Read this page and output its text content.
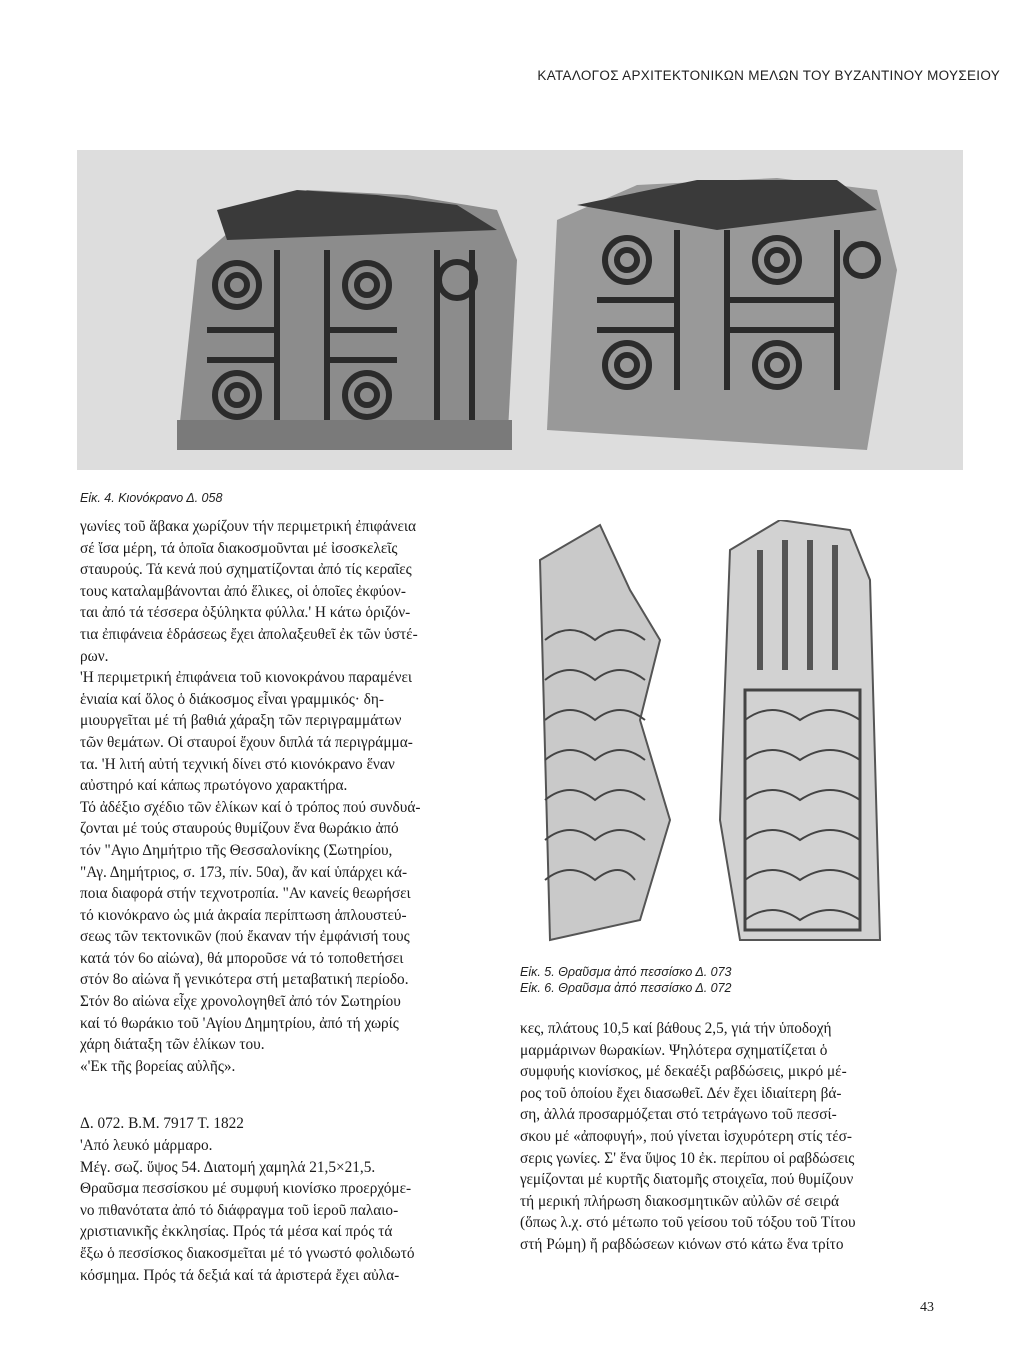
ΚΑΤΑΛΟΓΟΣ ΑΡΧΙΤΕΚΤΟΝΙΚΩΝ ΜΕΛΩΝ ΤΟΥ ΒΥΖΑΝΤΙΝΟΥ ΜΟΥΣΕΙΟΥ
Εἰκ. 4. Κιονόκρανο Δ. 058
Εἰκ. 5. Θραῦσμα ἀπό πεσσίσκο Δ. 073
Εἰκ. 6. Θραῦσμα ἀπό πεσσίσκο Δ. 072

γωνίες τοῦ ἄβακα χωρίζουν τήν περιμετρική ἐπιφάνεια

σέ ἴσα μέρη, τά ὁποῖα διακοσμοῦνται μέ ἰσοσκελεῖς

σταυρούς. Τά κενά πού σχηματίζονται ἀπό τίς κεραῖες

τους καταλαμβάνονται ἀπό ἕλικες, οἱ ὁποῖες ἐκφύον-

ται ἀπό τά τέσσερα ὀξύληκτα φύλλα.' Η κάτω ὁριζόν-

τια ἐπιφάνεια ἑδράσεως ἔχει ἀπολαξευθεῖ ἐκ τῶν ὑστέ-

ρων.

'Η περιμετρική ἐπιφάνεια τοῦ κιονοκράνου παραμένει

ἑνιαία καί ὅλος ὁ διάκοσμος εἶναι γραμμικός· δη-

μιουργεῖται μέ τή βαθιά χάραξη τῶν περιγραμμάτων

τῶν θεμάτων. Οἱ σταυροί ἔχουν διπλά τά περιγράμμα-

τα. 'Η λιτή αὐτή τεχνική δίνει στό κιονόκρανο ἕναν

αὐστηρό καί κάπως πρωτόγονο χαρακτήρα.

Τό ἀδέξιο σχέδιο τῶν ἑλίκων καί ὁ τρόπος πού συνδυά-

ζονται μέ τούς σταυρούς θυμίζουν ἕνα θωράκιο ἀπό

τόν "Αγιο Δημήτριο τῆς Θεσσαλονίκης (Σωτηρίου,

"Αγ. Δημήτριος, σ. 173, πίν. 50α), ἄν καί ὑπάρχει κά-

ποια διαφορά στήν τεχνοτροπία. "Αν κανείς θεωρήσει

τό κιονόκρανο ὡς μιά ἀκραία περίπτωση ἁπλουστεύ-

σεως τῶν τεκτονικῶν (πού ἔκαναν τήν ἐμφάνισή τους

κατά τόν 6ο αἰώνα), θά μποροῦσε νά τό τοποθετήσει

στόν 8ο αἰώνα ἤ γενικότερα στή μεταβατική περίοδο.

Στόν 8ο αἰώνα εἶχε χρονολογηθεῖ ἀπό τόν Σωτηρίου

καί τό θωράκιο τοῦ 'Αγίου Δημητρίου, ἀπό τή χωρίς

χάρη διάταξη τῶν ἑλίκων του.

«'Εκ τῆς βορείας αὐλῆς».

Δ. 072. Β.Μ. 7917 Τ. 1822

'Από λευκό μάρμαρο.

Μέγ. σωζ. ὕψος 54. Διατομή χαμηλά 21,5×21,5.

Θραῦσμα πεσσίσκου μέ συμφυή κιονίσκο προερχόμε-

νο πιθανότατα ἀπό τό διάφραγμα τοῦ ἱεροῦ παλαιο-

χριστιανικῆς ἐκκλησίας. Πρός τά μέσα καί πρός τά

ἔξω ὁ πεσσίσκος διακοσμεῖται μέ τό γνωστό φολιδωτό

κόσμημα. Πρός τά δεξιά καί τά ἀριστερά ἔχει αὐλα-

κες, πλάτους 10,5 καί βάθους 2,5, γιά τήν ὑποδοχή

μαρμάρινων θωρακίων. Ψηλότερα σχηματίζεται ὁ

συμφυής κιονίσκος, μέ δεκαέξι ραβδώσεις, μικρό μέ-

ρος τοῦ ὁποίου ἔχει διασωθεῖ. Δέν ἔχει ἰδιαίτερη βά-

ση, ἀλλά προσαρμόζεται στό τετράγωνο τοῦ πεσσί-

σκου μέ «ἀποφυγή», πού γίνεται ἰσχυρότερη στίς τέσ-

σερις γωνίες. Σ' ἕνα ὕψος 10 ἐκ. περίπου οἱ ραβδώσεις

γεμίζονται μέ κυρτῆς διατομῆς στοιχεῖα, πού θυμίζουν

τή μερική πλήρωση διακοσμητικῶν αὐλῶν σέ σειρά

(ὅπως λ.χ. στό μέτωπο τοῦ γείσου τοῦ τόξου τοῦ Τίτου

στή Ρώμη) ἤ ραβδώσεων κιόνων στό κάτω ἕνα τρίτο

43
